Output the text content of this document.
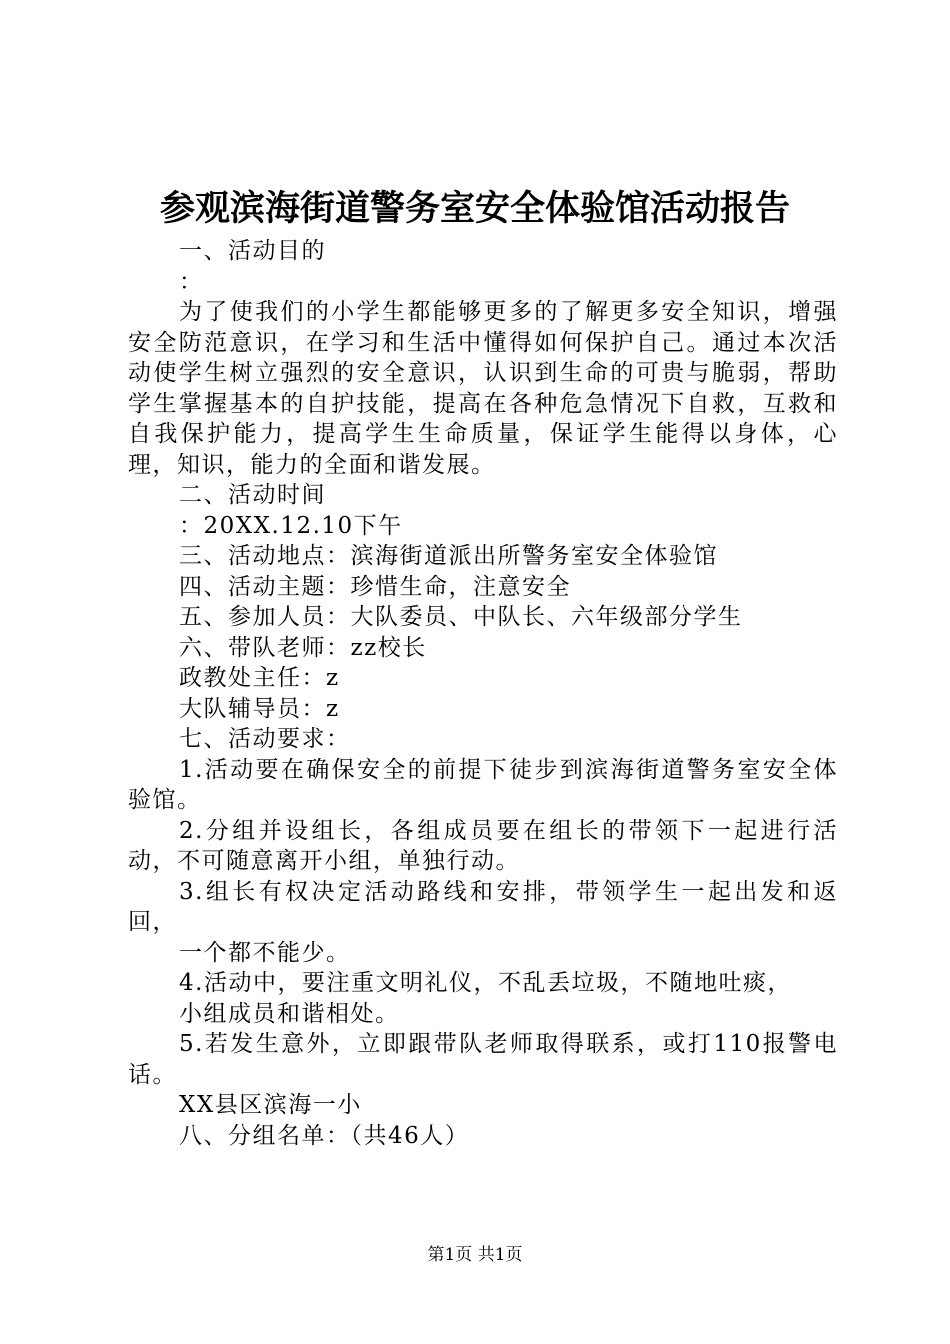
参观滨海街道警务室安全体验馆活动报告

一、活动目的

：

为了使我们的小学生都能够更多的了解更多安全知识，增强安全防范意识，在学习和生活中懂得如何保护自己。通过本次活动使学生树立强烈的安全意识，认识到生命的可贵与脆弱，帮助学生掌握基本的自护技能，提高在各种危急情况下自救，互救和自我保护能力，提高学生生命质量，保证学生能得以身体，心理，知识，能力的全面和谐发展。

二、活动时间

：20XX.12.10下午

三、活动地点：滨海街道派出所警务室安全体验馆

四、活动主题：珍惜生命，注意安全

五、参加人员：大队委员、中队长、六年级部分学生

六、带队老师：zz校长

政教处主任：z

大队辅导员：z

七、活动要求：

1.活动要在确保安全的前提下徒步到滨海街道警务室安全体验馆。

2.分组并设组长，各组成员要在组长的带领下一起进行活动，不可随意离开小组，单独行动。

3.组长有权决定活动路线和安排，带领学生一起出发和返回，

一个都不能少。

4.活动中，要注重文明礼仪，不乱丢垃圾，不随地吐痰，

小组成员和谐相处。

5.若发生意外，立即跟带队老师取得联系，或打110报警电话。

XX县区滨海一小

八、分组名单：（共46人）

第1页 共1页
